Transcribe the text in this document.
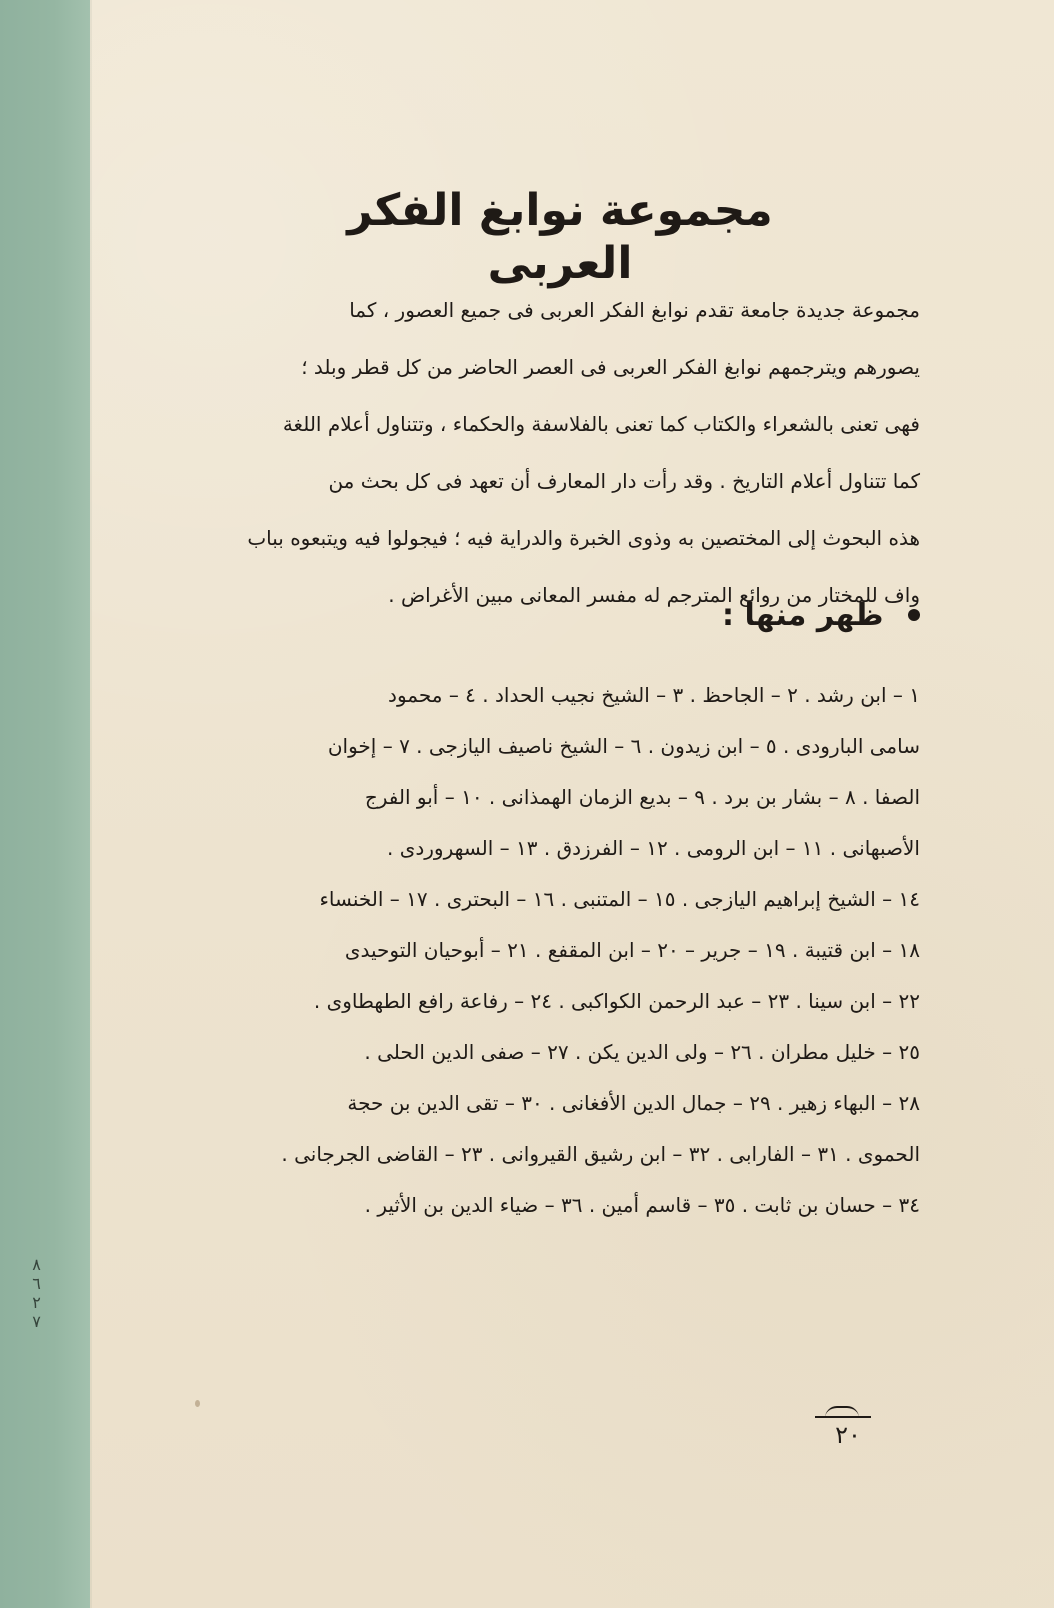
٨٦٢٧
مجموعة نوابغ الفكر العربى
مجموعة جديدة جامعة تقدم نوابغ الفكر العربى فى جميع العصور ، كما
يصورهم ويترجمهم نوابغ الفكر العربى فى العصر الحاضر من كل قطر وبلد ؛
فهى تعنى بالشعراء والكتاب كما تعنى بالفلاسفة والحكماء ، وتتناول أعلام اللغة
كما تتناول أعلام التاريخ . وقد رأت دار المعارف أن تعهد فى كل بحث من
هذه البحوث إلى المختصين به وذوى الخبرة والدراية فيه ؛ فيجولوا فيه ويتبعوه بباب
واف للمختار من روائع المترجم له مفسر المعانى مبين الأغراض .
ظهر منها :
١ – ابن رشد . ٢ – الجاحظ . ٣ – الشيخ نجيب الحداد . ٤ – محمود
سامى البارودى . ٥ – ابن زيدون . ٦ – الشيخ ناصيف اليازجى . ٧ – إخوان
الصفا . ٨ – بشار بن برد . ٩ – بديع الزمان الهمذانى . ١٠ – أبو الفرج
الأصبهانى . ١١ – ابن الرومى . ١٢ – الفرزدق . ١٣ – السهروردى .
١٤ – الشيخ إبراهيم اليازجى . ١٥ – المتنبى . ١٦ – البحترى . ١٧ – الخنساء
١٨ – ابن قتيبة . ١٩ – جرير – ٢٠ – ابن المقفع . ٢١ – أبوحيان التوحيدى
٢٢ – ابن سينا . ٢٣ – عبد الرحمن الكواكبى . ٢٤ – رفاعة رافع الطهطاوى .
٢٥ – خليل مطران . ٢٦ – ولى الدين يكن . ٢٧ – صفى الدين الحلى .
٢٨ – البهاء زهير . ٢٩ – جمال الدين الأفغانى . ٣٠ – تقى الدين بن حجة
الحموى . ٣١ – الفارابى . ٣٢ – ابن رشيق القيروانى . ٢٣ – القاضى الجرجانى .
٣٤ – حسان بن ثابت . ٣٥ – قاسم أمين . ٣٦ – ضياء الدين بن الأثير .
٢٠
